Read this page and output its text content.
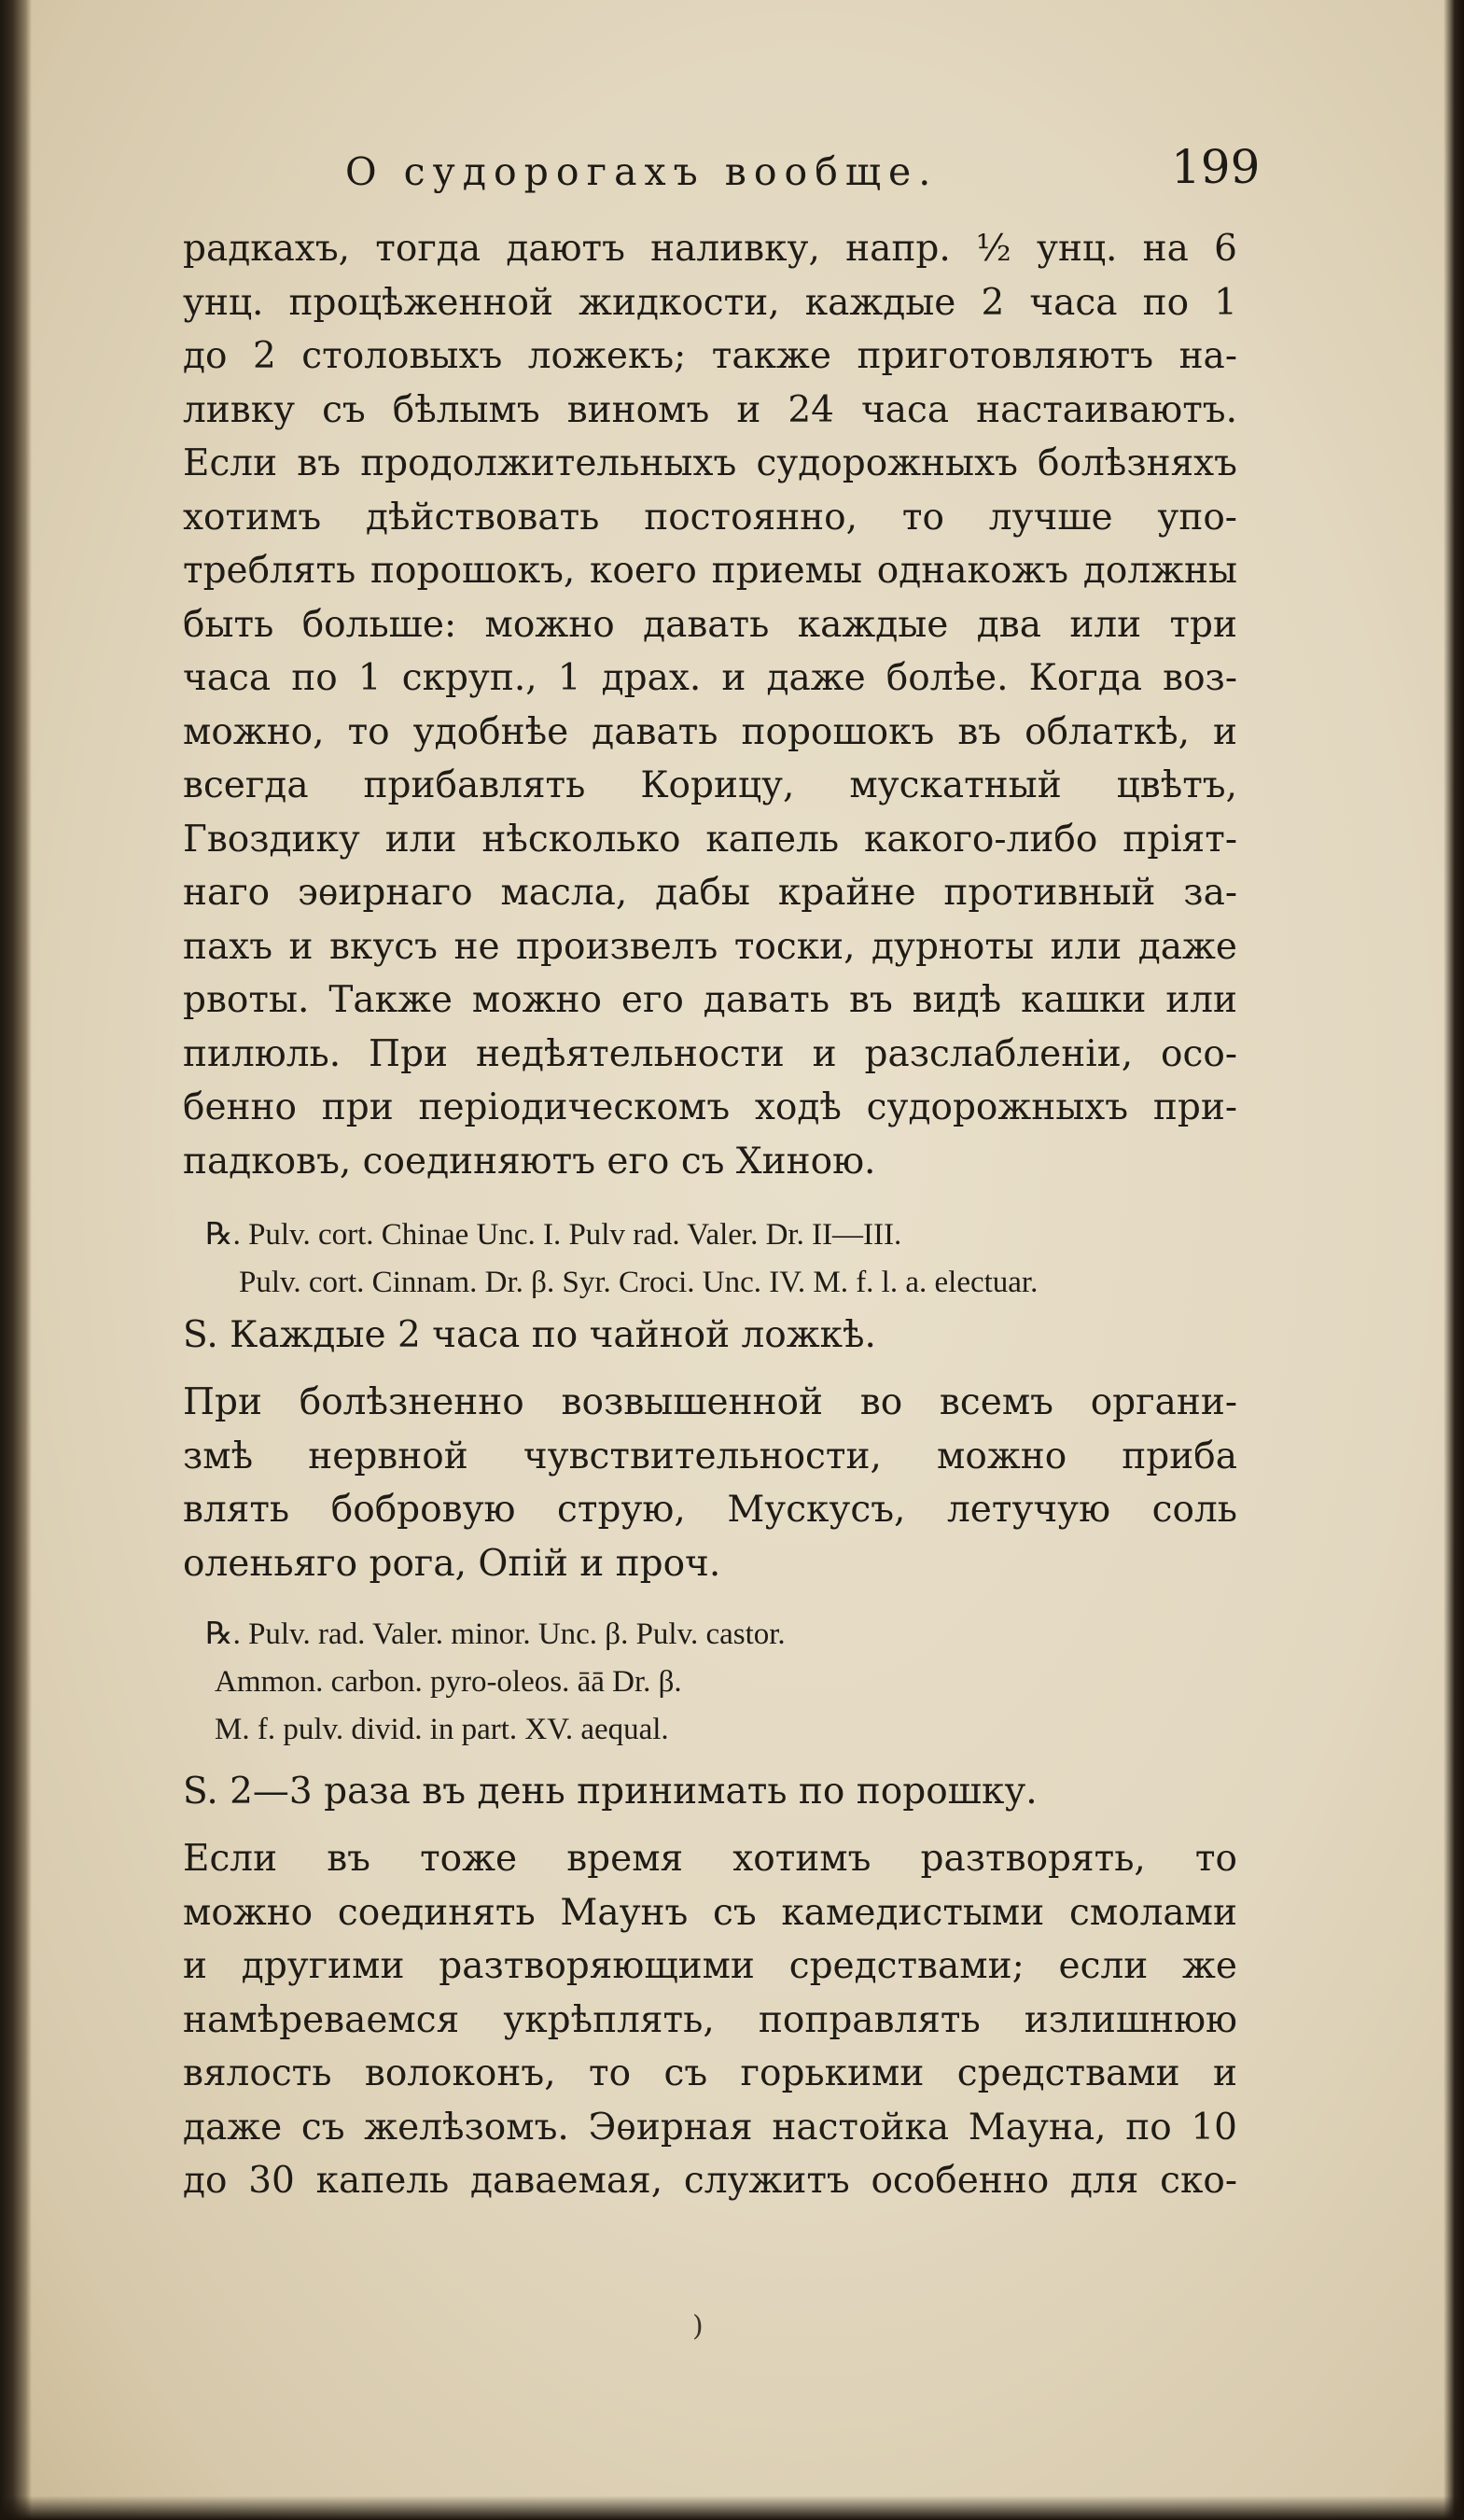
О судорогахъ вообще.	199
радкахъ, тогда даютъ наливку, напр. ½ унц. на 6
унц. процѣженной жидкости, каждые 2 часа по 1
до 2 столовыхъ ложекъ; также приготовляютъ на-
ливку съ бѣлымъ виномъ и 24 часа настаиваютъ.
Если въ продолжительныхъ судорожныхъ болѣзняхъ
хотимъ дѣйствовать постоянно, то лучше упо-
треблять порошокъ, коего приемы однакожъ должны
быть больше: можно давать каждые два или три
часа по 1 скруп., 1 драх. и даже болѣе. Когда воз-
можно, то удобнѣе давать порошокъ въ облаткѣ, и
всегда прибавлять Корицу, мускатный цвѣтъ,
Гвоздику или нѣсколько капель какого-либо пріят-
наго эѳирнаго масла, дабы крайне противный за-
пахъ и вкусъ не произвелъ тоски, дурноты или даже
рвоты. Также можно его давать въ видѣ кашки или
пилюль. При недѣятельности и разслабленіи, осо-
бенно при періодическомъ ходѣ судорожныхъ при-
падковъ, соединяютъ его съ Хиною.
℞. Pulv. cort. Chinae Unc. I. Pulv rad. Valer. Dr. II—III.
Pulv. cort. Cinnam. Dr. β. Syr. Croci. Unc. IV. M. f. l. a. electuar.
S. Каждые 2 часа по чайной ложкѣ.
При болѣзненно возвышенной во всемъ органи-
змѣ нервной чувствительности, можно приба
влять бобровую струю, Мускусъ, летучую соль
оленьяго рога, Опій и проч.
℞. Pulv. rad. Valer. minor. Unc. β. Pulv. castor.
Ammon. carbon. pyro-oleos. āā Dr. β.
M. f. pulv. divid. in part. XV. aequal.
S. 2—3 раза въ день принимать по порошку.
Если въ тоже время хотимъ разтворять, то
можно соединять Маунъ съ камедистыми смолами
и другими разтворяющими средствами; если же
намѣреваемся укрѣплять, поправлять излишнюю
вялость волоконъ, то съ горькими средствами и
даже съ желѣзомъ. Эѳирная настойка Мауна, по 10
до 30 капель даваемая, служитъ особенно для ско-
)
